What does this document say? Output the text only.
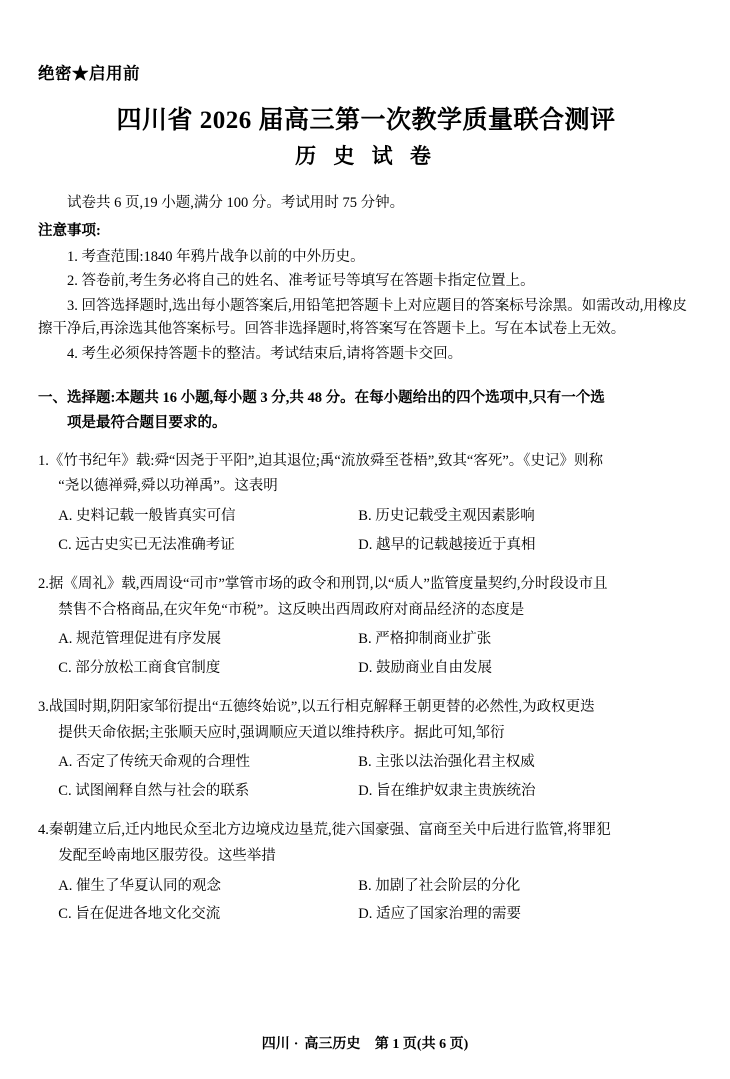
绝密★启用前
四川省 2026 届高三第一次教学质量联合测评
历 史 试 卷
试卷共 6 页,19 小题,满分 100 分。考试用时 75 分钟。
注意事项:
1. 考查范围:1840 年鸦片战争以前的中外历史。
2. 答卷前,考生务必将自己的姓名、准考证号等填写在答题卡指定位置上。
3. 回答选择题时,选出每小题答案后,用铅笔把答题卡上对应题目的答案标号涂黑。如需改动,用橡皮擦干净后,再涂选其他答案标号。回答非选择题时,将答案写在答题卡上。写在本试卷上无效。
4. 考生必须保持答题卡的整洁。考试结束后,请将答题卡交回。
一、选择题:本题共 16 小题,每小题 3 分,共 48 分。在每小题给出的四个选项中,只有一个选
项是最符合题目要求的。
1.《竹书纪年》载:舜“因尧于平阳”,迫其退位;禹“流放舜至苍梧”,致其“客死”。《史记》则称
“尧以德禅舜,舜以功禅禹”。这表明
A. 史料记载一般皆真实可信	B. 历史记载受主观因素影响
C. 远古史实已无法准确考证	D. 越早的记载越接近于真相
2.据《周礼》载,西周设“司市”掌管市场的政令和刑罚,以“质人”监管度量契约,分时段设市且
禁售不合格商品,在灾年免“市税”。这反映出西周政府对商品经济的态度是
A. 规范管理促进有序发展	B. 严格抑制商业扩张
C. 部分放松工商食官制度	D. 鼓励商业自由发展
3.战国时期,阴阳家邹衍提出“五德终始说”,以五行相克解释王朝更替的必然性,为政权更迭
提供天命依据;主张顺天应时,强调顺应天道以维持秩序。据此可知,邹衍
A. 否定了传统天命观的合理性	B. 主张以法治强化君主权威
C. 试图阐释自然与社会的联系	D. 旨在维护奴隶主贵族统治
4.秦朝建立后,迁内地民众至北方边境戍边垦荒,徙六国豪强、富商至关中后进行监管,将罪犯
发配至岭南地区服劳役。这些举措
A. 催生了华夏认同的观念	B. 加剧了社会阶层的分化
C. 旨在促进各地文化交流	D. 适应了国家治理的需要
四川 · 高三历史 第 1 页(共 6 页)
